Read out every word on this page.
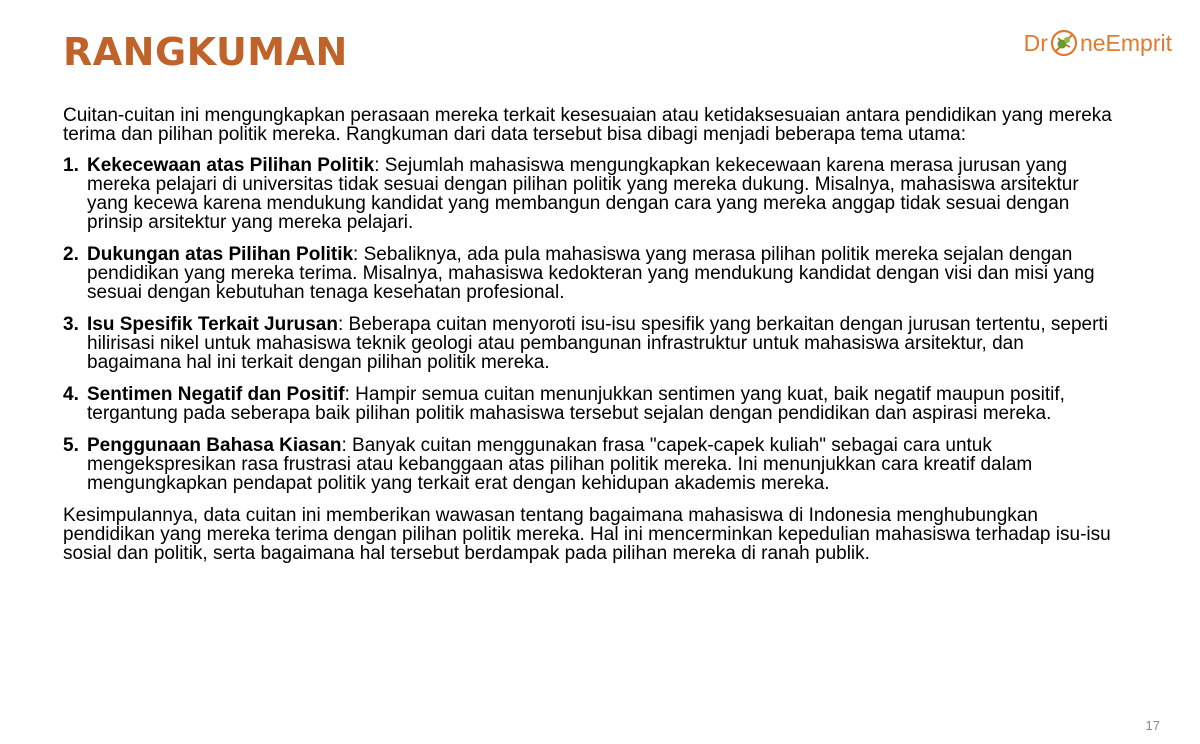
RANGKUMAN	Dr neEmprit

Cuitan-cuitan ini mengungkapkan perasaan mereka terkait kesesuaian atau ketidaksesuaian antara pendidikan yang mereka terima dan pilihan politik mereka. Rangkuman dari data tersebut bisa dibagi menjadi beberapa tema utama:

1. Kekecewaan atas Pilihan Politik: Sejumlah mahasiswa mengungkapkan kekecewaan karena merasa jurusan yang mereka pelajari di universitas tidak sesuai dengan pilihan politik yang mereka dukung. Misalnya, mahasiswa arsitektur yang kecewa karena mendukung kandidat yang membangun dengan cara yang mereka anggap tidak sesuai dengan prinsip arsitektur yang mereka pelajari.
2. Dukungan atas Pilihan Politik: Sebaliknya, ada pula mahasiswa yang merasa pilihan politik mereka sejalan dengan pendidikan yang mereka terima. Misalnya, mahasiswa kedokteran yang mendukung kandidat dengan visi dan misi yang sesuai dengan kebutuhan tenaga kesehatan profesional.
3. Isu Spesifik Terkait Jurusan: Beberapa cuitan menyoroti isu-isu spesifik yang berkaitan dengan jurusan tertentu, seperti hilirisasi nikel untuk mahasiswa teknik geologi atau pembangunan infrastruktur untuk mahasiswa arsitektur, dan bagaimana hal ini terkait dengan pilihan politik mereka.
4. Sentimen Negatif dan Positif: Hampir semua cuitan menunjukkan sentimen yang kuat, baik negatif maupun positif, tergantung pada seberapa baik pilihan politik mahasiswa tersebut sejalan dengan pendidikan dan aspirasi mereka.
5. Penggunaan Bahasa Kiasan: Banyak cuitan menggunakan frasa "capek-capek kuliah" sebagai cara untuk mengekspresikan rasa frustrasi atau kebanggaan atas pilihan politik mereka. Ini menunjukkan cara kreatif dalam mengungkapkan pendapat politik yang terkait erat dengan kehidupan akademis mereka.

Kesimpulannya, data cuitan ini memberikan wawasan tentang bagaimana mahasiswa di Indonesia menghubungkan pendidikan yang mereka terima dengan pilihan politik mereka. Hal ini mencerminkan kepedulian mahasiswa terhadap isu-isu sosial dan politik, serta bagaimana hal tersebut berdampak pada pilihan mereka di ranah publik.

17
